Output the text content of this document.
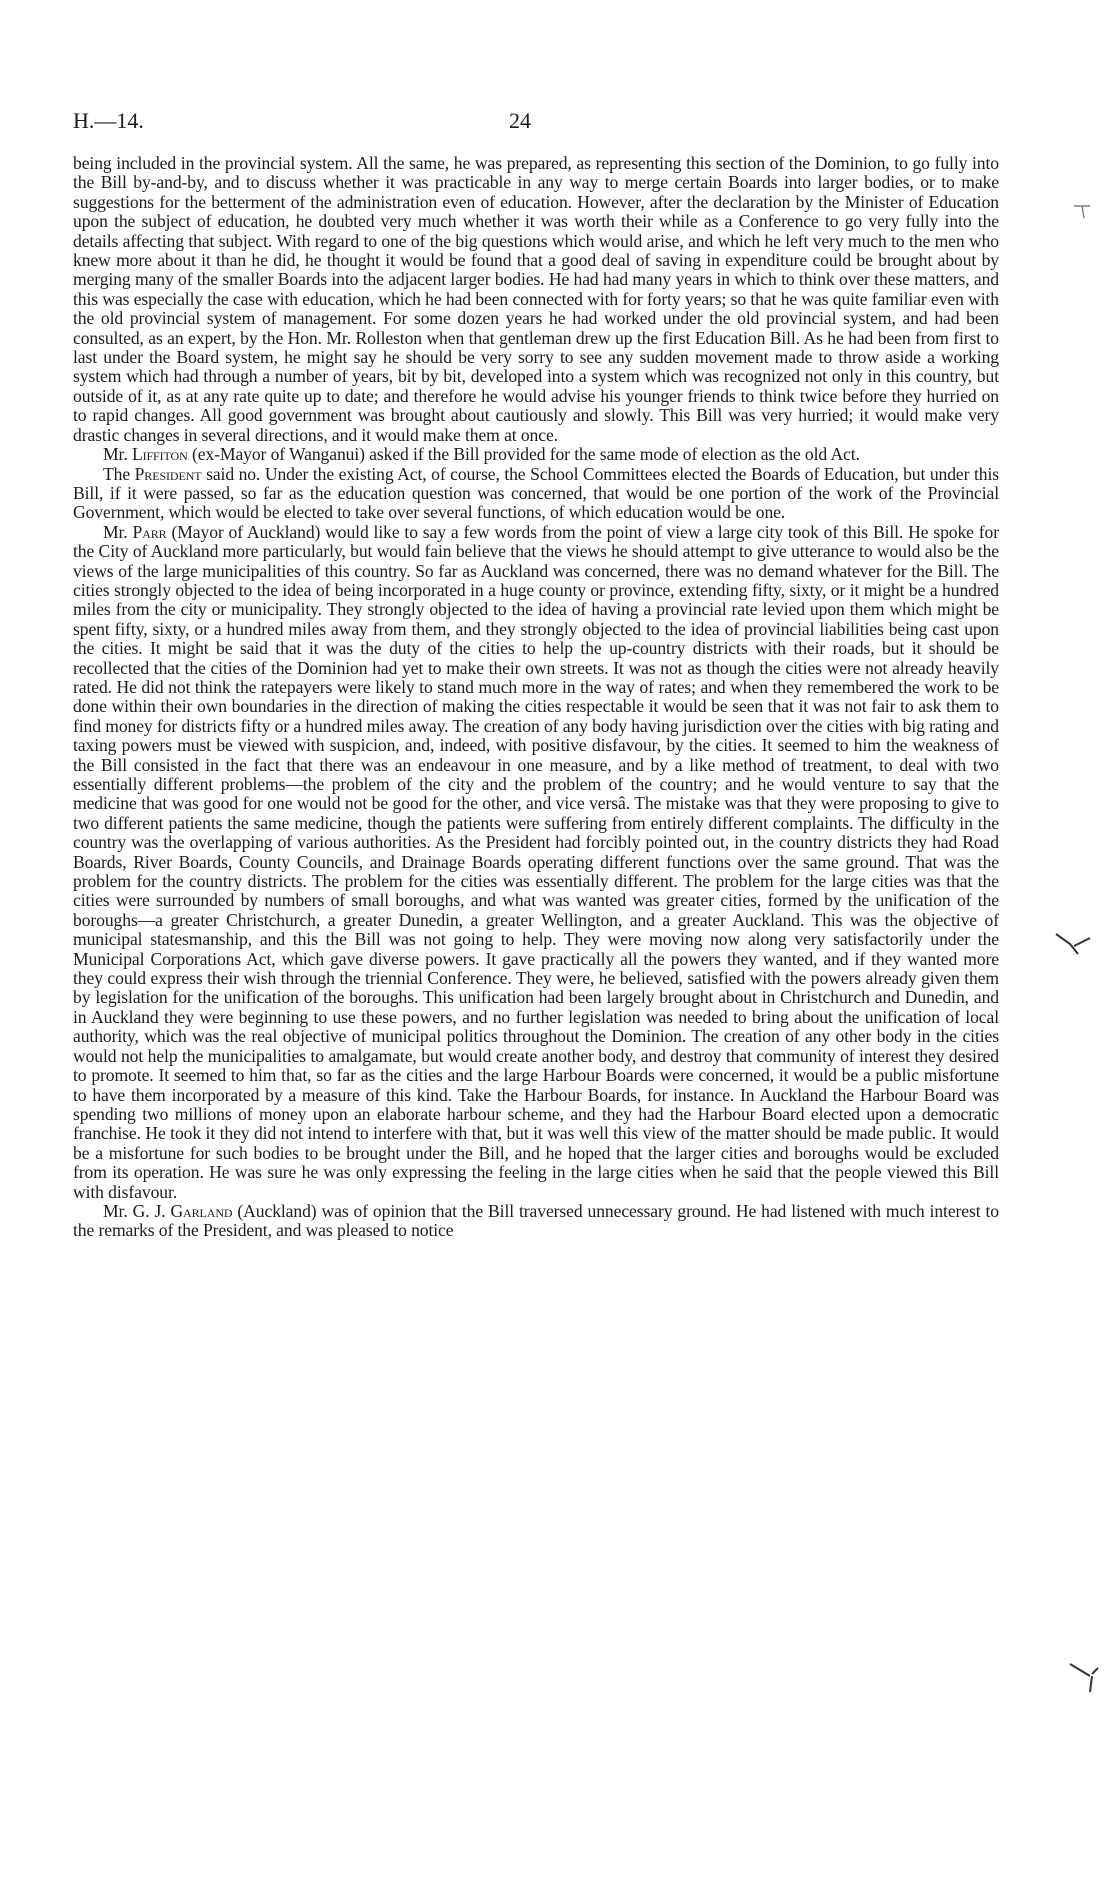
H.—14.	24

being included in the provincial system. All the same, he was prepared, as representing this section of the Dominion, to go fully into the Bill by-and-by, and to discuss whether it was practicable in any way to merge certain Boards into larger bodies, or to make suggestions for the betterment of the administration even of education. However, after the declaration by the Minister of Education upon the subject of education, he doubted very much whether it was worth their while as a Conference to go very fully into the details affecting that subject. With regard to one of the big questions which would arise, and which he left very much to the men who knew more about it than he did, he thought it would be found that a good deal of saving in expenditure could be brought about by merging many of the smaller Boards into the adjacent larger bodies. He had had many years in which to think over these matters, and this was especially the case with education, which he had been connected with for forty years; so that he was quite familiar even with the old provincial system of management. For some dozen years he had worked under the old provincial system, and had been consulted, as an expert, by the Hon. Mr. Rolleston when that gentleman drew up the first Education Bill. As he had been from first to last under the Board system, he might say he should be very sorry to see any sudden movement made to throw aside a working system which had through a number of years, bit by bit, developed into a system which was recognized not only in this country, but outside of it, as at any rate quite up to date; and therefore he would advise his younger friends to think twice before they hurried on to rapid changes. All good government was brought about cautiously and slowly. This Bill was very hurried; it would make very drastic changes in several directions, and it would make them at once.

Mr. Liffiton (ex-Mayor of Wanganui) asked if the Bill provided for the same mode of election as the old Act.

The President said no. Under the existing Act, of course, the School Committees elected the Boards of Education, but under this Bill, if it were passed, so far as the education question was concerned, that would be one portion of the work of the Provincial Government, which would be elected to take over several functions, of which education would be one.

Mr. Parr (Mayor of Auckland) would like to say a few words from the point of view a large city took of this Bill. He spoke for the City of Auckland more particularly, but would fain believe that the views he should attempt to give utterance to would also be the views of the large municipalities of this country. So far as Auckland was concerned, there was no demand whatever for the Bill. The cities strongly objected to the idea of being incorporated in a huge county or province, extending fifty, sixty, or it might be a hundred miles from the city or municipality. They strongly objected to the idea of having a provincial rate levied upon them which might be spent fifty, sixty, or a hundred miles away from them, and they strongly objected to the idea of provincial liabilities being cast upon the cities. It might be said that it was the duty of the cities to help the up-country districts with their roads, but it should be recollected that the cities of the Dominion had yet to make their own streets. It was not as though the cities were not already heavily rated. He did not think the ratepayers were likely to stand much more in the way of rates; and when they remembered the work to be done within their own boundaries in the direction of making the cities respectable it would be seen that it was not fair to ask them to find money for districts fifty or a hundred miles away. The creation of any body having jurisdiction over the cities with big rating and taxing powers must be viewed with suspicion, and, indeed, with positive disfavour, by the cities. It seemed to him the weakness of the Bill consisted in the fact that there was an endeavour in one measure, and by a like method of treatment, to deal with two essentially different problems—the problem of the city and the problem of the country; and he would venture to say that the medicine that was good for one would not be good for the other, and vice versâ. The mistake was that they were proposing to give to two different patients the same medicine, though the patients were suffering from entirely different complaints. The difficulty in the country was the overlapping of various authorities. As the President had forcibly pointed out, in the country districts they had Road Boards, River Boards, County Councils, and Drainage Boards operating different functions over the same ground. That was the problem for the country districts. The problem for the cities was essentially different. The problem for the large cities was that the cities were surrounded by numbers of small boroughs, and what was wanted was greater cities, formed by the unification of the boroughs—a greater Christchurch, a greater Dunedin, a greater Wellington, and a greater Auckland. This was the objective of municipal statesmanship, and this the Bill was not going to help. They were moving now along very satisfactorily under the Municipal Corporations Act, which gave diverse powers. It gave practically all the powers they wanted, and if they wanted more they could express their wish through the triennial Conference. They were, he believed, satisfied with the powers already given them by legislation for the unification of the boroughs. This unification had been largely brought about in Christchurch and Dunedin, and in Auckland they were beginning to use these powers, and no further legislation was needed to bring about the unification of local authority, which was the real objective of municipal politics throughout the Dominion. The creation of any other body in the cities would not help the municipalities to amalgamate, but would create another body, and destroy that community of interest they desired to promote. It seemed to him that, so far as the cities and the large Harbour Boards were concerned, it would be a public misfortune to have them incorporated by a measure of this kind. Take the Harbour Boards, for instance. In Auckland the Harbour Board was spending two millions of money upon an elaborate harbour scheme, and they had the Harbour Board elected upon a democratic franchise. He took it they did not intend to interfere with that, but it was well this view of the matter should be made public. It would be a misfortune for such bodies to be brought under the Bill, and he hoped that the larger cities and boroughs would be excluded from its operation. He was sure he was only expressing the feeling in the large cities when he said that the people viewed this Bill with disfavour.

Mr. G. J. Garland (Auckland) was of opinion that the Bill traversed unnecessary ground. He had listened with much interest to the remarks of the President, and was pleased to notice
